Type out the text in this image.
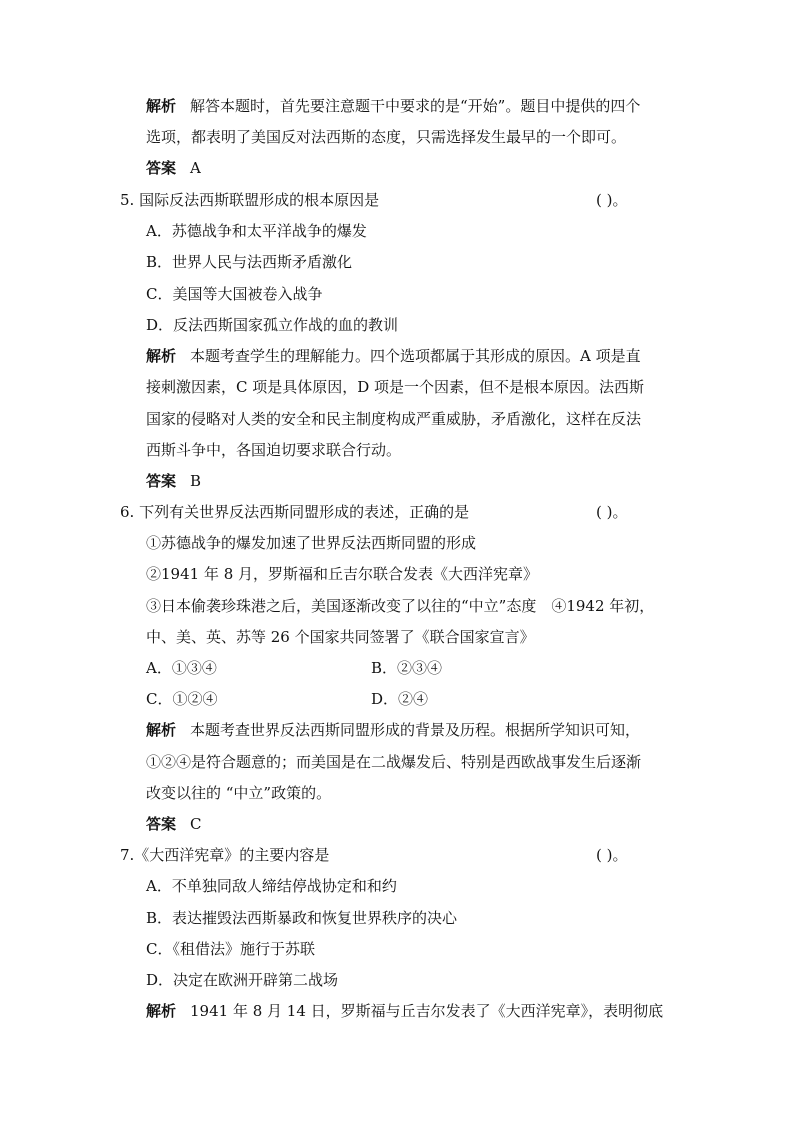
解析 解答本题时，首先要注意题干中要求的是“开始”。题目中提供的四个
选项，都表明了美国反对法西斯的态度，只需选择发生最早的一个即可。
答案 A
5. 国际反法西斯联盟形成的根本原因是	( )。
A．苏德战争和太平洋战争的爆发
B．世界人民与法西斯矛盾激化
C．美国等大国被卷入战争
D．反法西斯国家孤立作战的血的教训
解析 本题考查学生的理解能力。四个选项都属于其形成的原因。A 项是直
接刺激因素，C 项是具体原因，D 项是一个因素，但不是根本原因。法西斯
国家的侵略对人类的安全和民主制度构成严重威胁，矛盾激化，这样在反法
西斯斗争中，各国迫切要求联合行动。
答案 B
6. 下列有关世界反法西斯同盟形成的表述，正确的是	( )。
①苏德战争的爆发加速了世界反法西斯同盟的形成
②1941 年 8 月，罗斯福和丘吉尔联合发表《大西洋宪章》
③日本偷袭珍珠港之后，美国逐渐改变了以往的“中立”态度　④1942 年初，
中、美、英、苏等 26 个国家共同签署了《联合国家宣言》
A．①③④	B．②③④
C．①②④	D．②④
解析 本题考查世界反法西斯同盟形成的背景及历程。根据所学知识可知，
①②④是符合题意的；而美国是在二战爆发后、特别是西欧战事发生后逐渐
改变以往的 “中立”政策的。
答案 C
7.《大西洋宪章》的主要内容是	( )。
A．不单独同敌人缔结停战协定和和约
B．表达摧毁法西斯暴政和恢复世界秩序的决心
C．《租借法》施行于苏联
D．决定在欧洲开辟第二战场
解析 1941 年 8 月 14 日，罗斯福与丘吉尔发表了《大西洋宪章》，表明彻底
